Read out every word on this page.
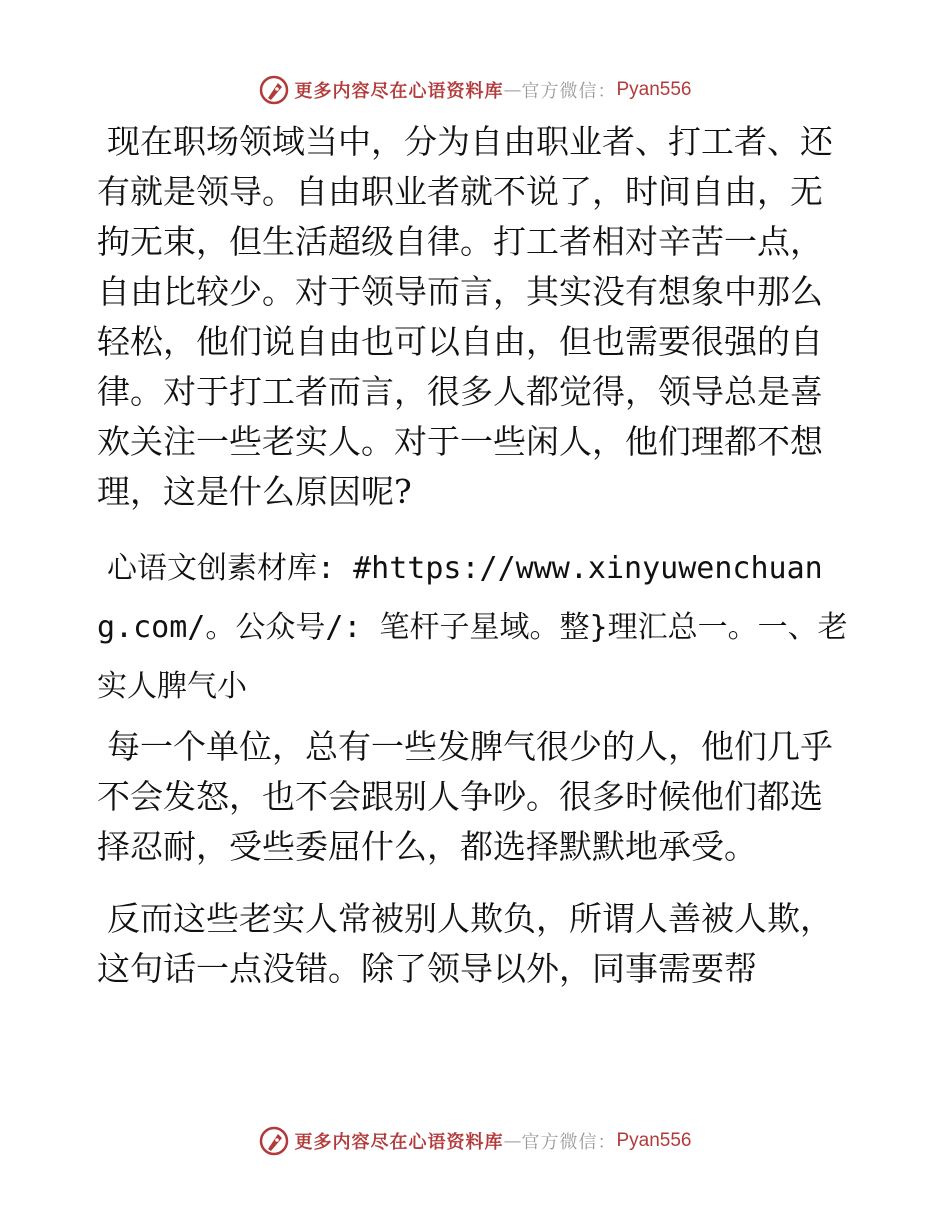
更多内容尽在心语资料库 — 官方微信： Pyan556

现在职场领域当中，分为自由职业者、打工者、还有就是领导。自由职业者就不说了，时间自由，无拘无束，但生活超级自律。打工者相对辛苦一点，自由比较少。对于领导而言，其实没有想象中那么轻松，他们说自由也可以自由，但也需要很强的自律。对于打工者而言，很多人都觉得，领导总是喜欢关注一些老实人。对于一些闲人，他们理都不想理，这是什么原因呢?

心语文创素材库: #https://www.xinyuwenchuang.com/。公众号/: 笔杆子星域。整}理汇总一。一、老实人脾气小

每一个单位，总有一些发脾气很少的人，他们几乎不会发怒，也不会跟别人争吵。很多时候他们都选择忍耐，受些委屈什么，都选择默默地承受。

反而这些老实人常被别人欺负，所谓人善被人欺，这句话一点没错。除了领导以外，同事需要帮

更多内容尽在心语资料库 — 官方微信： Pyan556
